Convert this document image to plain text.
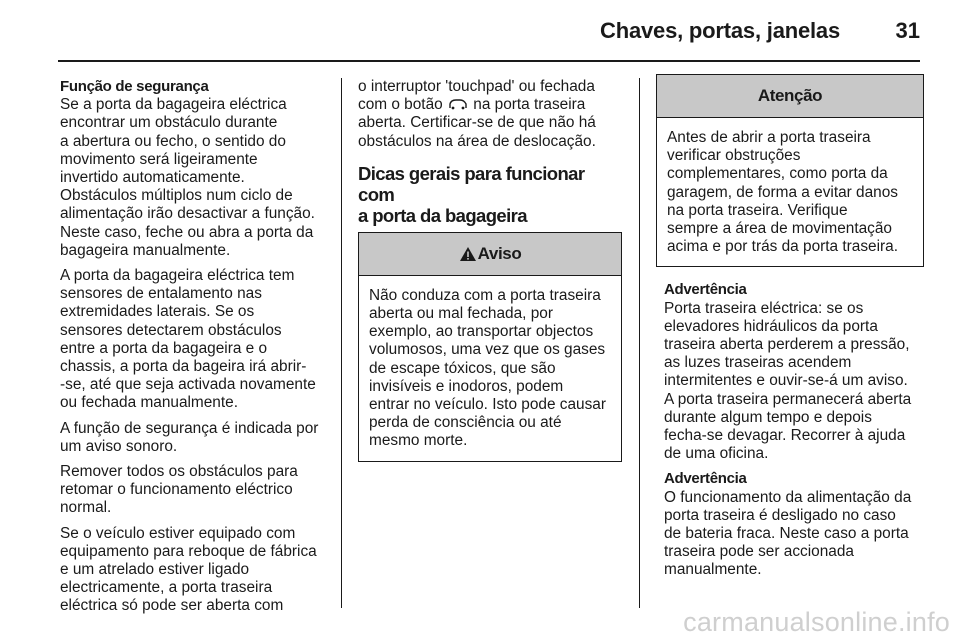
Chaves, portas, janelas	31
Função de segurança

Se a porta da bagageira eléctrica
encontrar um obstáculo durante
a abertura ou fecho, o sentido do
movimento será ligeiramente
invertido automaticamente.
Obstáculos múltiplos num ciclo de
alimentação irão desactivar a função.
Neste caso, feche ou abra a porta da
bagageira manualmente.

A porta da bagageira eléctrica tem
sensores de entalamento nas
extremidades laterais. Se os
sensores detectarem obstáculos
entre a porta da bagageira e o
chassis, a porta da bageira irá abrir-
-se, até que seja activada novamente
ou fechada manualmente.

A função de segurança é indicada por
um aviso sonoro.

Remover todos os obstáculos para
retomar o funcionamento eléctrico
normal.

Se o veículo estiver equipado com
equipamento para reboque de fábrica
e um atrelado estiver ligado
electricamente, a porta traseira
eléctrica só pode ser aberta com

o interruptor 'touchpad' ou fechada
com o botão na porta traseira
aberta. Certificar-se de que não há
obstáculos na área de deslocação.

Dicas gerais para funcionar com
a porta da bagageira
Aviso
Não conduza com a porta traseira
aberta ou mal fechada, por
exemplo, ao transportar objectos
volumosos, uma vez que os gases
de escape tóxicos, que são
invisíveis e inodoros, podem
entrar no veículo. Isto pode causar
perda de consciência ou até
mesmo morte.
Atenção
Antes de abrir a porta traseira
verificar obstruções
complementares, como porta da
garagem, de forma a evitar danos
na porta traseira. Verifique
sempre a área de movimentação
acima e por trás da porta traseira.
Advertência

Porta traseira eléctrica: se os
elevadores hidráulicos da porta
traseira aberta perderem a pressão,
as luzes traseiras acendem
intermitentes e ouvir-se-á um aviso.
A porta traseira permanecerá aberta
durante algum tempo e depois
fecha-se devagar. Recorrer à ajuda
de uma oficina.

Advertência

O funcionamento da alimentação da
porta traseira é desligado no caso
de bateria fraca. Neste caso a porta
traseira pode ser accionada
manualmente.

carmanualsonline.info
